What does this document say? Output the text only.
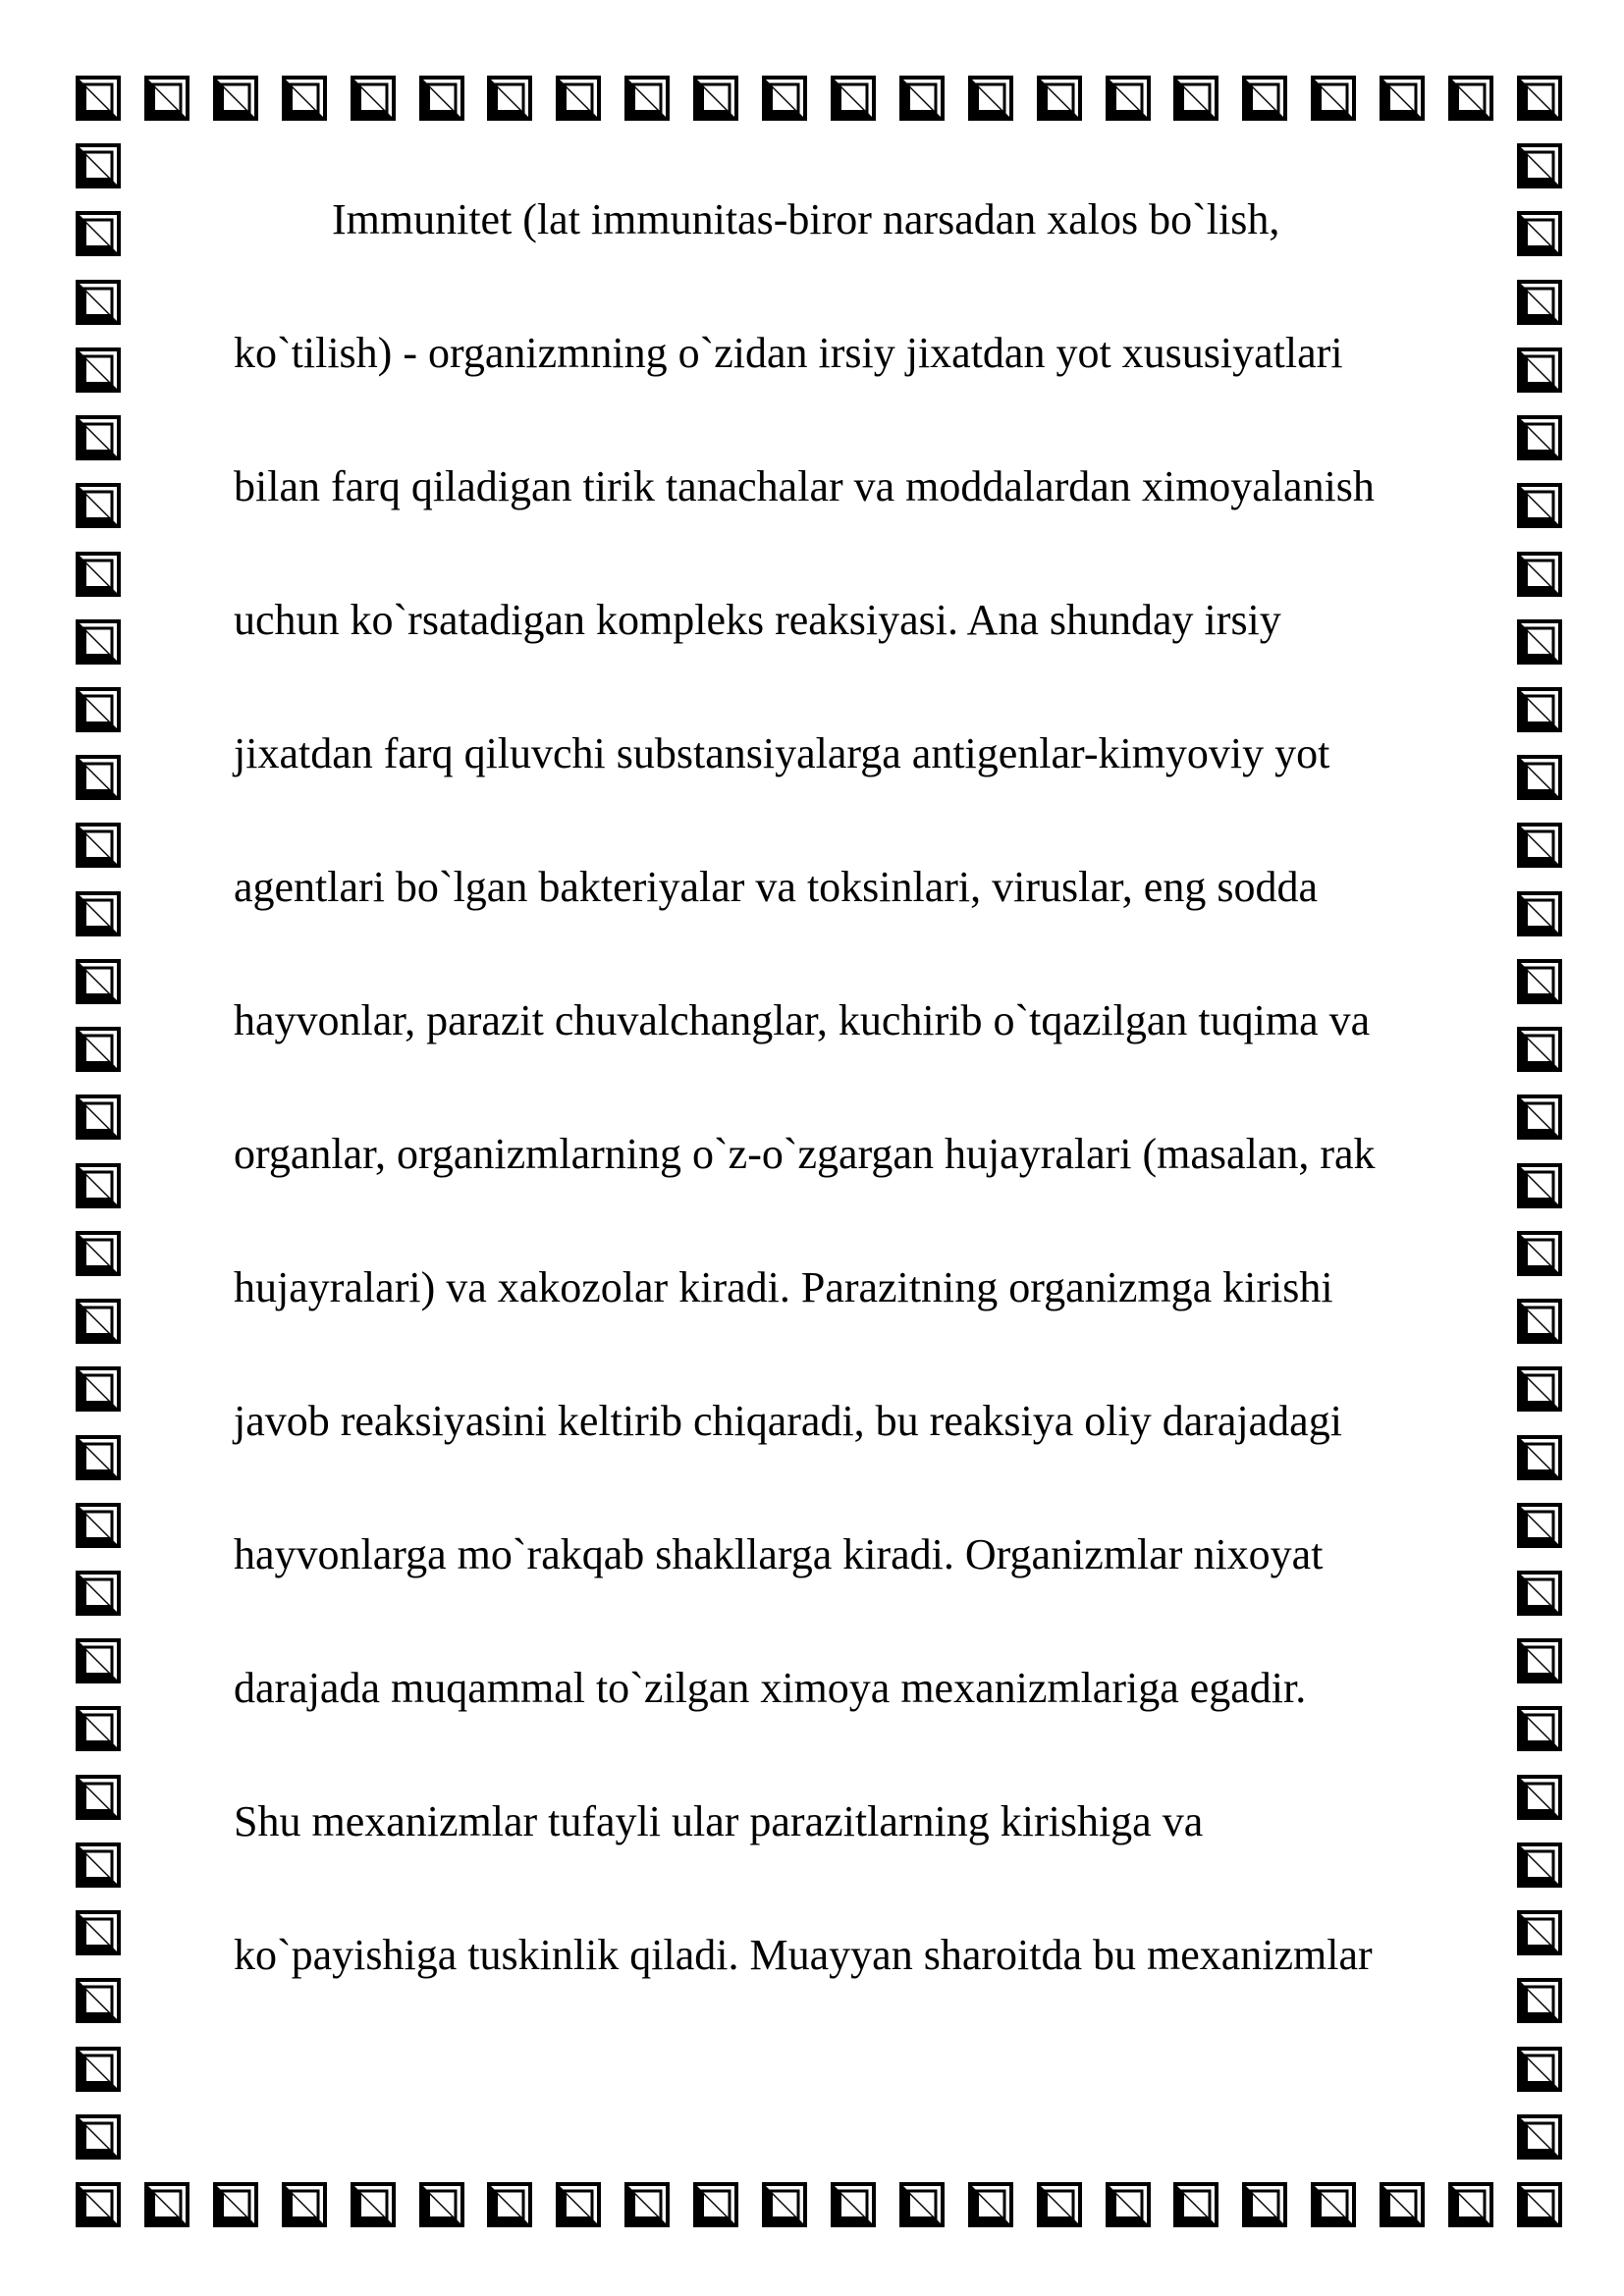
Immunitet (lat immunitas-biror narsadan xalos bo`lish,
ko`tilish) - organizmning o`zidan irsiy jixatdan yot xususiyatlari
bilan farq qiladigan tirik tanachalar va moddalardan ximoyalanish
uchun ko`rsatadigan kompleks reaksiyasi. Ana shunday irsiy
jixatdan farq qiluvchi substansiyalarga antigenlar-kimyoviy yot
agentlari bo`lgan bakteriyalar va toksinlari, viruslar, eng sodda
hayvonlar, parazit chuvalchanglar, kuchirib o`tqazilgan tuqima va
organlar, organizmlarning o`z-o`zgargan hujayralari (masalan, rak
hujayralari) va xakozolar kiradi. Parazitning organizmga kirishi
javob reaksiyasini keltirib chiqaradi, bu reaksiya oliy darajadagi
hayvonlarga mo`rakqab shakllarga kiradi. Organizmlar nixoyat
darajada muqammal to`zilgan ximoya mexanizmlariga egadir.
Shu mexanizmlar tufayli ular parazitlarning kirishiga va
ko`payishiga tuskinlik qiladi. Muayyan sharoitda bu mexanizmlar
